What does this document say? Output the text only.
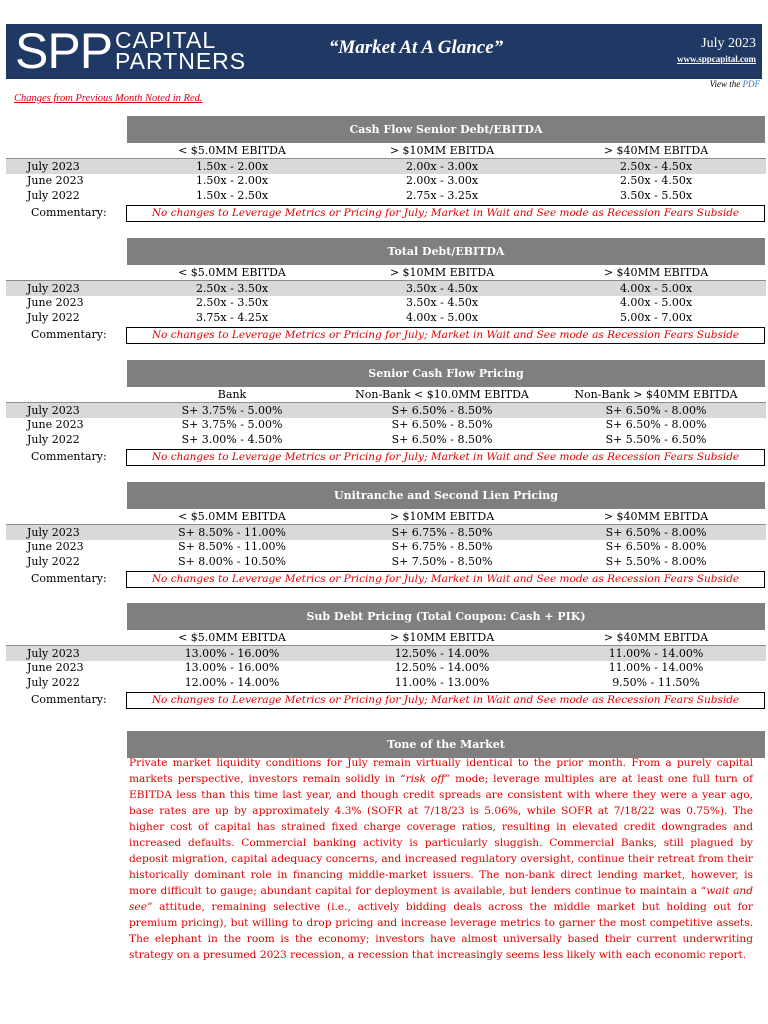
SPP CAPITAL
PARTNERS
“Market At A Glance”	July 2023
www.sppcapital.com
View the PDF
Changes from Previous Month Noted in Red.
Cash Flow Senior Debt/EBITDA
< $5.0MM EBITDA	> $10MM EBITDA	> $40MM EBITDA
July 2023	1.50x - 2.00x	2.00x - 3.00x	2.50x - 4.50x
June 2023	1.50x - 2.00x	2.00x - 3.00x	2.50x - 4.50x
July 2022	1.50x - 2.50x	2.75x - 3.25x	3.50x - 5.50x
Commentary:	No changes to Leverage Metrics or Pricing for July; Market in Wait and See mode as Recession Fears Subside
Total Debt/EBITDA
< $5.0MM EBITDA	> $10MM EBITDA	> $40MM EBITDA
July 2023	2.50x - 3.50x	3.50x - 4.50x	4.00x - 5.00x
June 2023	2.50x - 3.50x	3.50x - 4.50x	4.00x - 5.00x
July 2022	3.75x - 4.25x	4.00x - 5.00x	5.00x - 7.00x
Commentary:	No changes to Leverage Metrics or Pricing for July; Market in Wait and See mode as Recession Fears Subside
Senior Cash Flow Pricing
Bank	Non-Bank < $10.0MM EBITDA	Non-Bank > $40MM EBITDA
July 2023	S+ 3.75% - 5.00%	S+ 6.50% - 8.50%	S+ 6.50% - 8.00%
June 2023	S+ 3.75% - 5.00%	S+ 6.50% - 8.50%	S+ 6.50% - 8.00%
July 2022	S+ 3.00% - 4.50%	S+ 6.50% - 8.50%	S+ 5.50% - 6.50%
Commentary:	No changes to Leverage Metrics or Pricing for July; Market in Wait and See mode as Recession Fears Subside
Unitranche and Second Lien Pricing
< $5.0MM EBITDA	> $10MM EBITDA	> $40MM EBITDA
July 2023	S+ 8.50% - 11.00%	S+ 6.75% - 8.50%	S+ 6.50% - 8.00%
June 2023	S+ 8.50% - 11.00%	S+ 6.75% - 8.50%	S+ 6.50% - 8.00%
July 2022	S+ 8.00% - 10.50%	S+ 7.50% - 8.50%	S+ 5.50% - 8.00%
Commentary:	No changes to Leverage Metrics or Pricing for July; Market in Wait and See mode as Recession Fears Subside
Sub Debt Pricing (Total Coupon: Cash + PIK)
< $5.0MM EBITDA	> $10MM EBITDA	> $40MM EBITDA
July 2023	13.00% - 16.00%	12.50% - 14.00%	11.00% - 14.00%
June 2023	13.00% - 16.00%	12.50% - 14.00%	11.00% - 14.00%
July 2022	12.00% - 14.00%	11.00% - 13.00%	9.50% - 11.50%
Commentary:	No changes to Leverage Metrics or Pricing for July; Market in Wait and See mode as Recession Fears Subside
Tone of the Market
Private market liquidity conditions for July remain virtually identical to the prior month. From a purely capital markets perspective, investors remain solidly in “risk off” mode; leverage multiples are at least one full turn of EBITDA less than this time last year, and though credit spreads are consistent with where they were a year ago, base rates are up by approximately 4.3% (SOFR at 7/18/23 is 5.06%, while SOFR at 7/18/22 was 0.75%). The higher cost of capital has strained fixed charge coverage ratios, resulting in elevated credit downgrades and increased defaults. Commercial banking activity is particularly sluggish. Commercial Banks, still plagued by deposit migration, capital adequacy concerns, and increased regulatory oversight, continue their retreat from their historically dominant role in financing middle-market issuers. The non-bank direct lending market, however, is more difficult to gauge; abundant capital for deployment is available, but lenders continue to maintain a “wait and see” attitude, remaining selective (i.e., actively bidding deals across the middle market but holding out for premium pricing), but willing to drop pricing and increase leverage metrics to garner the most competitive assets. The elephant in the room is the economy; investors have almost universally based their current underwriting strategy on a presumed 2023 recession, a recession that increasingly seems less likely with each economic report.
